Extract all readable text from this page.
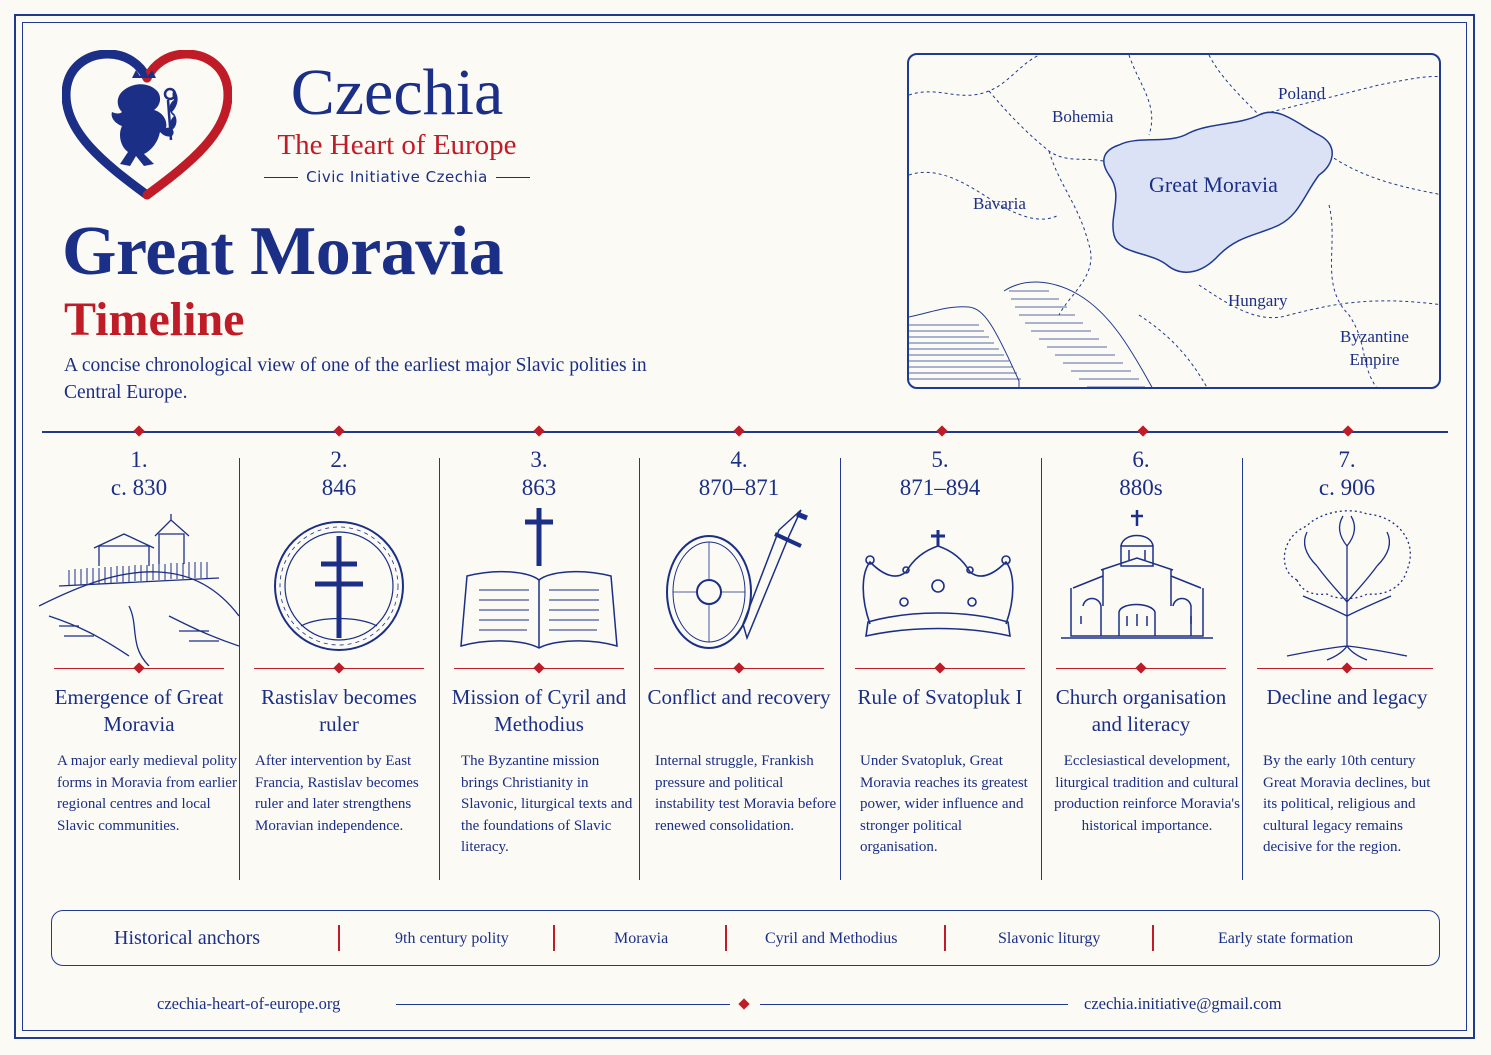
Czechia
The Heart of Europe
Civic Initiative Czechia
Great Moravia
Timeline

A concise chronological view of one of the earliest major Slavic polities in Central Europe.

Bohemia
Poland
Great Moravia
Bavaria
Hungary
Byzantine
Empire
1.
c. 830
Emergence of Great Moravia

A major early medieval polity forms in Moravia from earlier regional centres and local Slavic communities.

2.
846
Rastislav becomes ruler

After intervention by East Francia, Rastislav becomes ruler and later strengthens Moravian independence.

3.
863
Mission of Cyril and Methodius

The Byzantine mission brings Christianity in Slavonic, liturgical texts and the foundations of Slavic literacy.

4.
870–871
Conflict and recovery

Internal struggle, Frankish pressure and political instability test Moravia before renewed consolidation.

5.
871–894
Rule of Svatopluk I

Under Svatopluk, Great Moravia reaches its greatest power, wider influence and stronger political organisation.

6.
880s
Church organisation and literacy

Ecclesiastical development, liturgical tradition and cultural production reinforce Moravia's historical importance.

7.
c. 906
Decline and legacy

By the early 10th century Great Moravia declines, but its political, religious and cultural legacy remains decisive for the region.

Historical anchors	9th century polity	Moravia	Cyril and Methodius	Slavonic liturgy	Early state formation
czechia-heart-of-europe.org	czechia.initiative@gmail.com
